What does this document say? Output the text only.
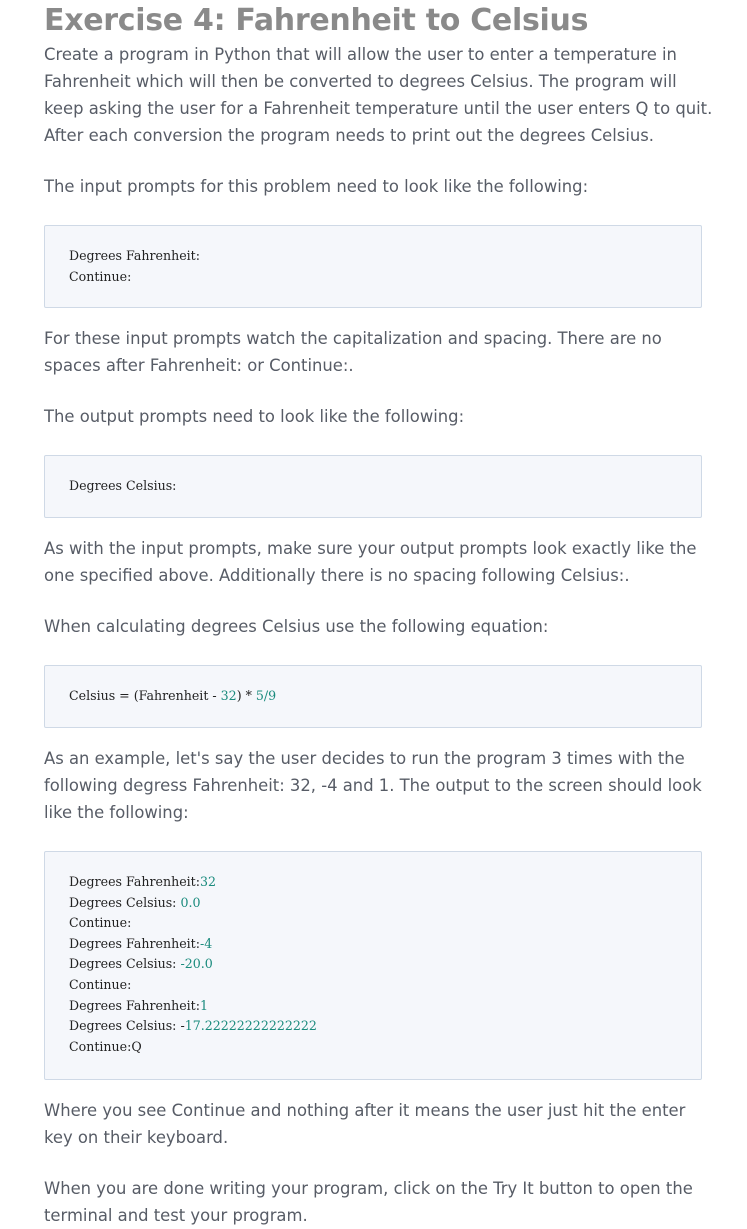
Exercise 4: Fahrenheit to Celsius

Create a program in Python that will allow the user to enter a temperature in Fahrenheit which will then be converted to degrees Celsius. The program will keep asking the user for a Fahrenheit temperature until the user enters Q to quit. After each conversion the program needs to print out the degrees Celsius.

The input prompts for this problem need to look like the following:

Degrees Fahrenheit:
Continue:

For these input prompts watch the capitalization and spacing. There are no spaces after Fahrenheit: or Continue:.

The output prompts need to look like the following:

Degrees Celsius:

As with the input prompts, make sure your output prompts look exactly like the one specified above. Additionally there is no spacing following Celsius:.

When calculating degrees Celsius use the following equation:

Celsius = (Fahrenheit - 32) * 5/9

As an example, let's say the user decides to run the program 3 times with the following degress Fahrenheit: 32, -4 and 1. The output to the screen should look like the following:

Degrees Fahrenheit:32
Degrees Celsius: 0.0
Continue:
Degrees Fahrenheit:-4
Degrees Celsius: -20.0
Continue:
Degrees Fahrenheit:1
Degrees Celsius: -17.22222222222222
Continue:Q

Where you see Continue and nothing after it means the user just hit the enter key on their keyboard.

When you are done writing your program, click on the Try It button to open the terminal and test your program.
